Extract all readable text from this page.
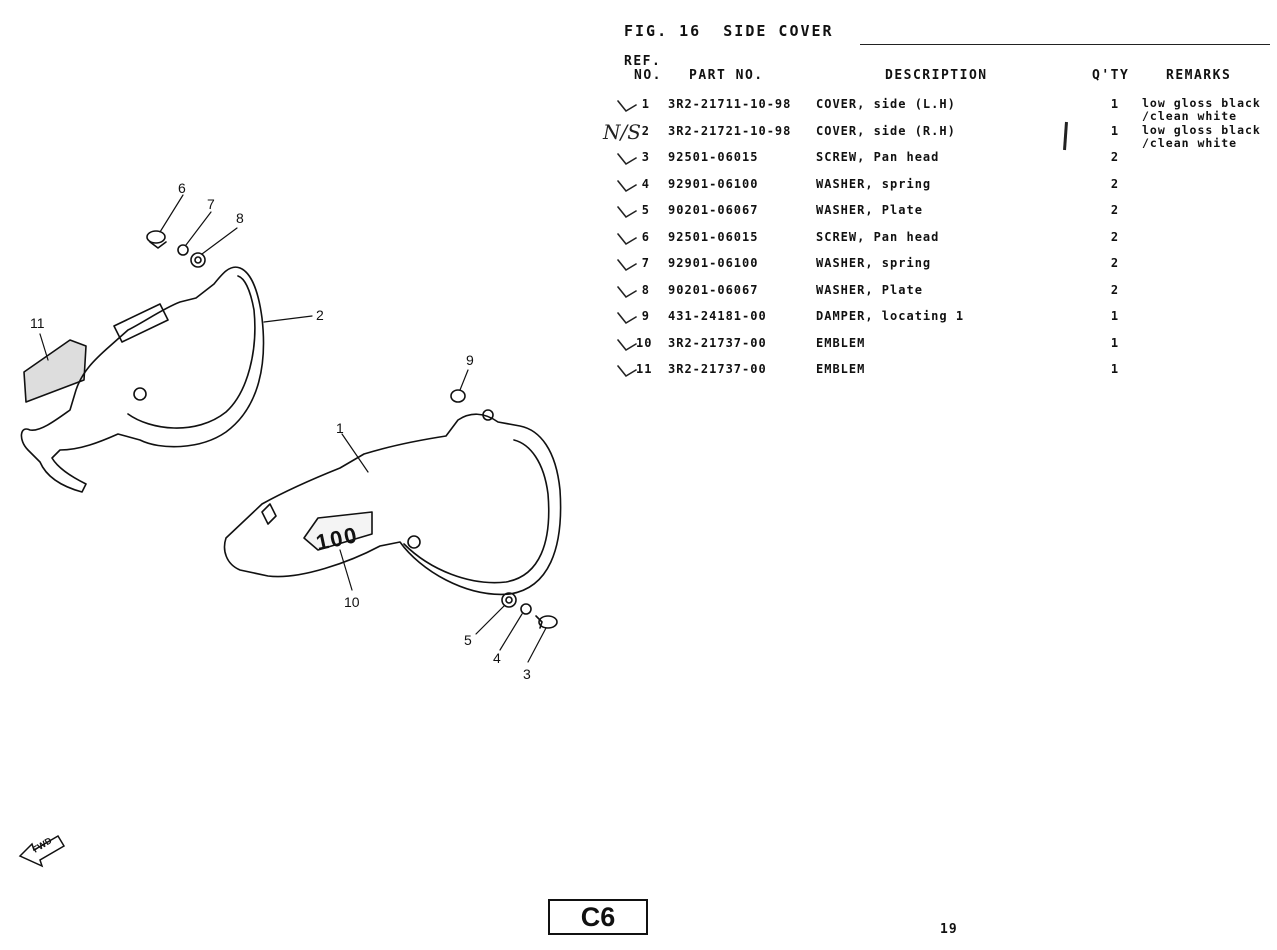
FIG. 16  SIDE COVER
REF.
NO. PART NO.	DESCRIPTION	Q'TY	REMARKS
1 3R2-21711-10-98 COVER, side (L.H)	1	low gloss black
/clean white
2 3R2-21721-10-98 COVER, side (R.H)	1	low gloss black
/clean white
3 92501-06015	SCREW, Pan head	2
4 92901-06100	WASHER, spring	2
5 90201-06067	WASHER, Plate	2
6 92501-06015	SCREW, Pan head	2
7 92901-06100	WASHER, spring	2
8 90201-06067	WASHER, Plate	2
9 431-24181-00	DAMPER, locating 1	1
10 3R2-21737-00	EMBLEM	1
11 3R2-21737-00	EMBLEM	1
N/S
6
7
8
11	2
9
1
10
5
4
3
100
FWD
C6	19
